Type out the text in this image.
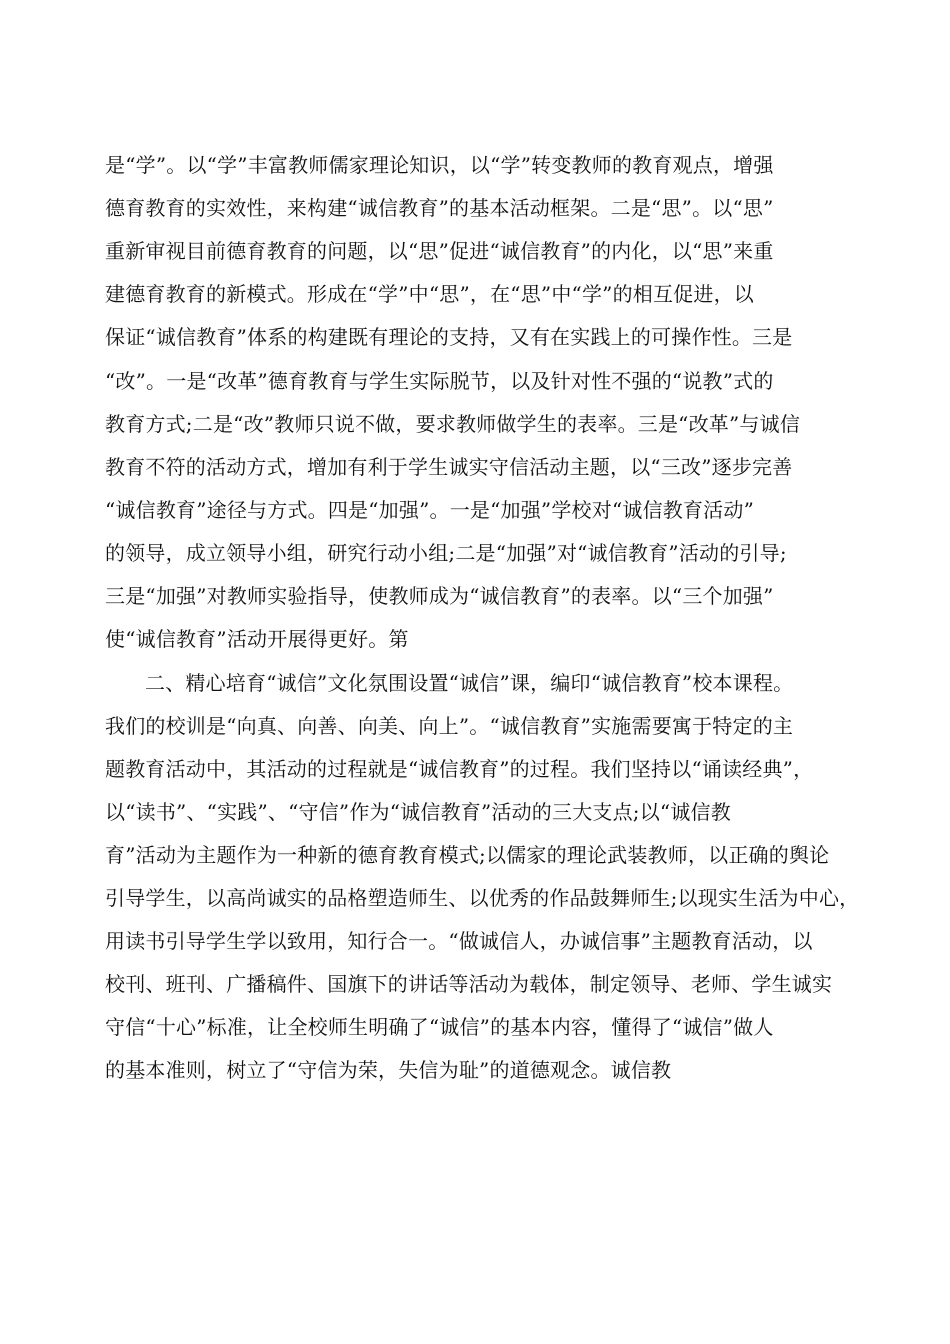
是“学”。以“学”丰富教师儒家理论知识，以“学”转变教师的教育观点，增强
德育教育的实效性，来构建“诚信教育”的基本活动框架。二是“思”。以“思”
重新审视目前德育教育的问题，以“思”促进“诚信教育”的内化，以“思”来重
建德育教育的新模式。形成在“学”中“思”，在“思”中“学”的相互促进，以
保证“诚信教育”体系的构建既有理论的支持，又有在实践上的可操作性。三是
“改”。一是“改革”德育教育与学生实际脱节，以及针对性不强的“说教”式的
教育方式;二是“改”教师只说不做，要求教师做学生的表率。三是“改革”与诚信
教育不符的活动方式，增加有利于学生诚实守信活动主题，以“三改”逐步完善
“诚信教育”途径与方式。四是“加强”。一是“加强”学校对“诚信教育活动”
的领导，成立领导小组，研究行动小组;二是“加强”对“诚信教育”活动的引导;
三是“加强”对教师实验指导，使教师成为“诚信教育”的表率。以“三个加强”
使“诚信教育”活动开展得更好。第
二、精心培育“诚信”文化氛围设置“诚信”课，编印“诚信教育”校本课程。
我们的校训是“向真、向善、向美、向上”。“诚信教育”实施需要寓于特定的主
题教育活动中，其活动的过程就是“诚信教育”的过程。我们坚持以“诵读经典”，
以“读书”、“实践”、“守信”作为“诚信教育”活动的三大支点;以“诚信教
育”活动为主题作为一种新的德育教育模式;以儒家的理论武装教师，以正确的舆论
引导学生，以高尚诚实的品格塑造师生、以优秀的作品鼓舞师生;以现实生活为中心，
用读书引导学生学以致用，知行合一。“做诚信人，办诚信事”主题教育活动，以
校刊、班刊、广播稿件、国旗下的讲话等活动为载体，制定领导、老师、学生诚实
守信“十心”标准，让全校师生明确了“诚信”的基本内容，懂得了“诚信”做人
的基本准则，树立了“守信为荣，失信为耻”的道德观念。诚信教
